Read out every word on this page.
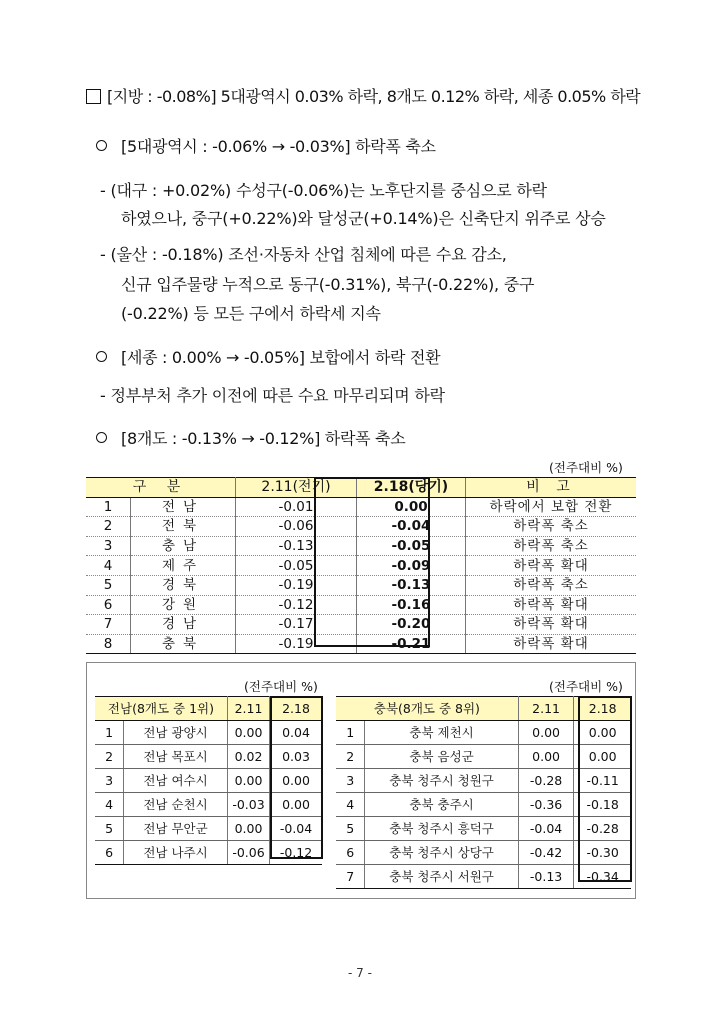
[지방 : -0.08%] 5대광역시 0.03% 하락, 8개도 0.12% 하락, 세종 0.05% 하락
[5대광역시 : -0.06% → -0.03%] 하락폭 축소
- (대구 : +0.02%) 수성구(-0.06%)는 노후단지를 중심으로 하락
하였으나, 중구(+0.22%)와 달성군(+0.14%)은 신축단지 위주로 상승
- (울산 : -0.18%) 조선·자동차 산업 침체에 따른 수요 감소,
신규 입주물량 누적으로 동구(-0.31%), 북구(-0.22%), 중구
(-0.22%) 등 모든 구에서 하락세 지속
[세종 : 0.00% → -0.05%] 보합에서 하락 전환
- 정부부처 추가 이전에 따른 수요 마무리되며 하락
[8개도 : -0.13% → -0.12%] 하락폭 축소
(전주대비 %)
구 분		2.11(전기)	2.18(당기)	비 고
1	전남	-0.01	0.00	하락에서 보합 전환
2	전북	-0.06	-0.04	하락폭 축소
3	충남	-0.13	-0.05	하락폭 축소
4	제주	-0.05	-0.09	하락폭 확대
5	경북	-0.19	-0.13	하락폭 축소
6	강원	-0.12	-0.16	하락폭 확대
7	경남	-0.17	-0.20	하락폭 확대
8	충북	-0.19	-0.21	하락폭 확대
(전주대비 %)
전남(8개도 중 1위)		2.11	2.18
1	전남 광양시	0.00	0.04
2	전남 목포시	0.02	0.03
3	전남 여수시	0.00	0.00
4	전남 순천시	-0.03	0.00
5	전남 무안군	0.00	-0.04
6	전남 나주시	-0.06	-0.12
(전주대비 %)
충북(8개도 중 8위)		2.11	2.18
1	충북 제천시	0.00	0.00
2	충북 음성군	0.00	0.00
3	충북 청주시 청원구	-0.28	-0.11
4	충북 충주시	-0.36	-0.18
5	충북 청주시 흥덕구	-0.04	-0.28
6	충북 청주시 상당구	-0.42	-0.30
7	충북 청주시 서원구	-0.13	-0.34
- 7 -
